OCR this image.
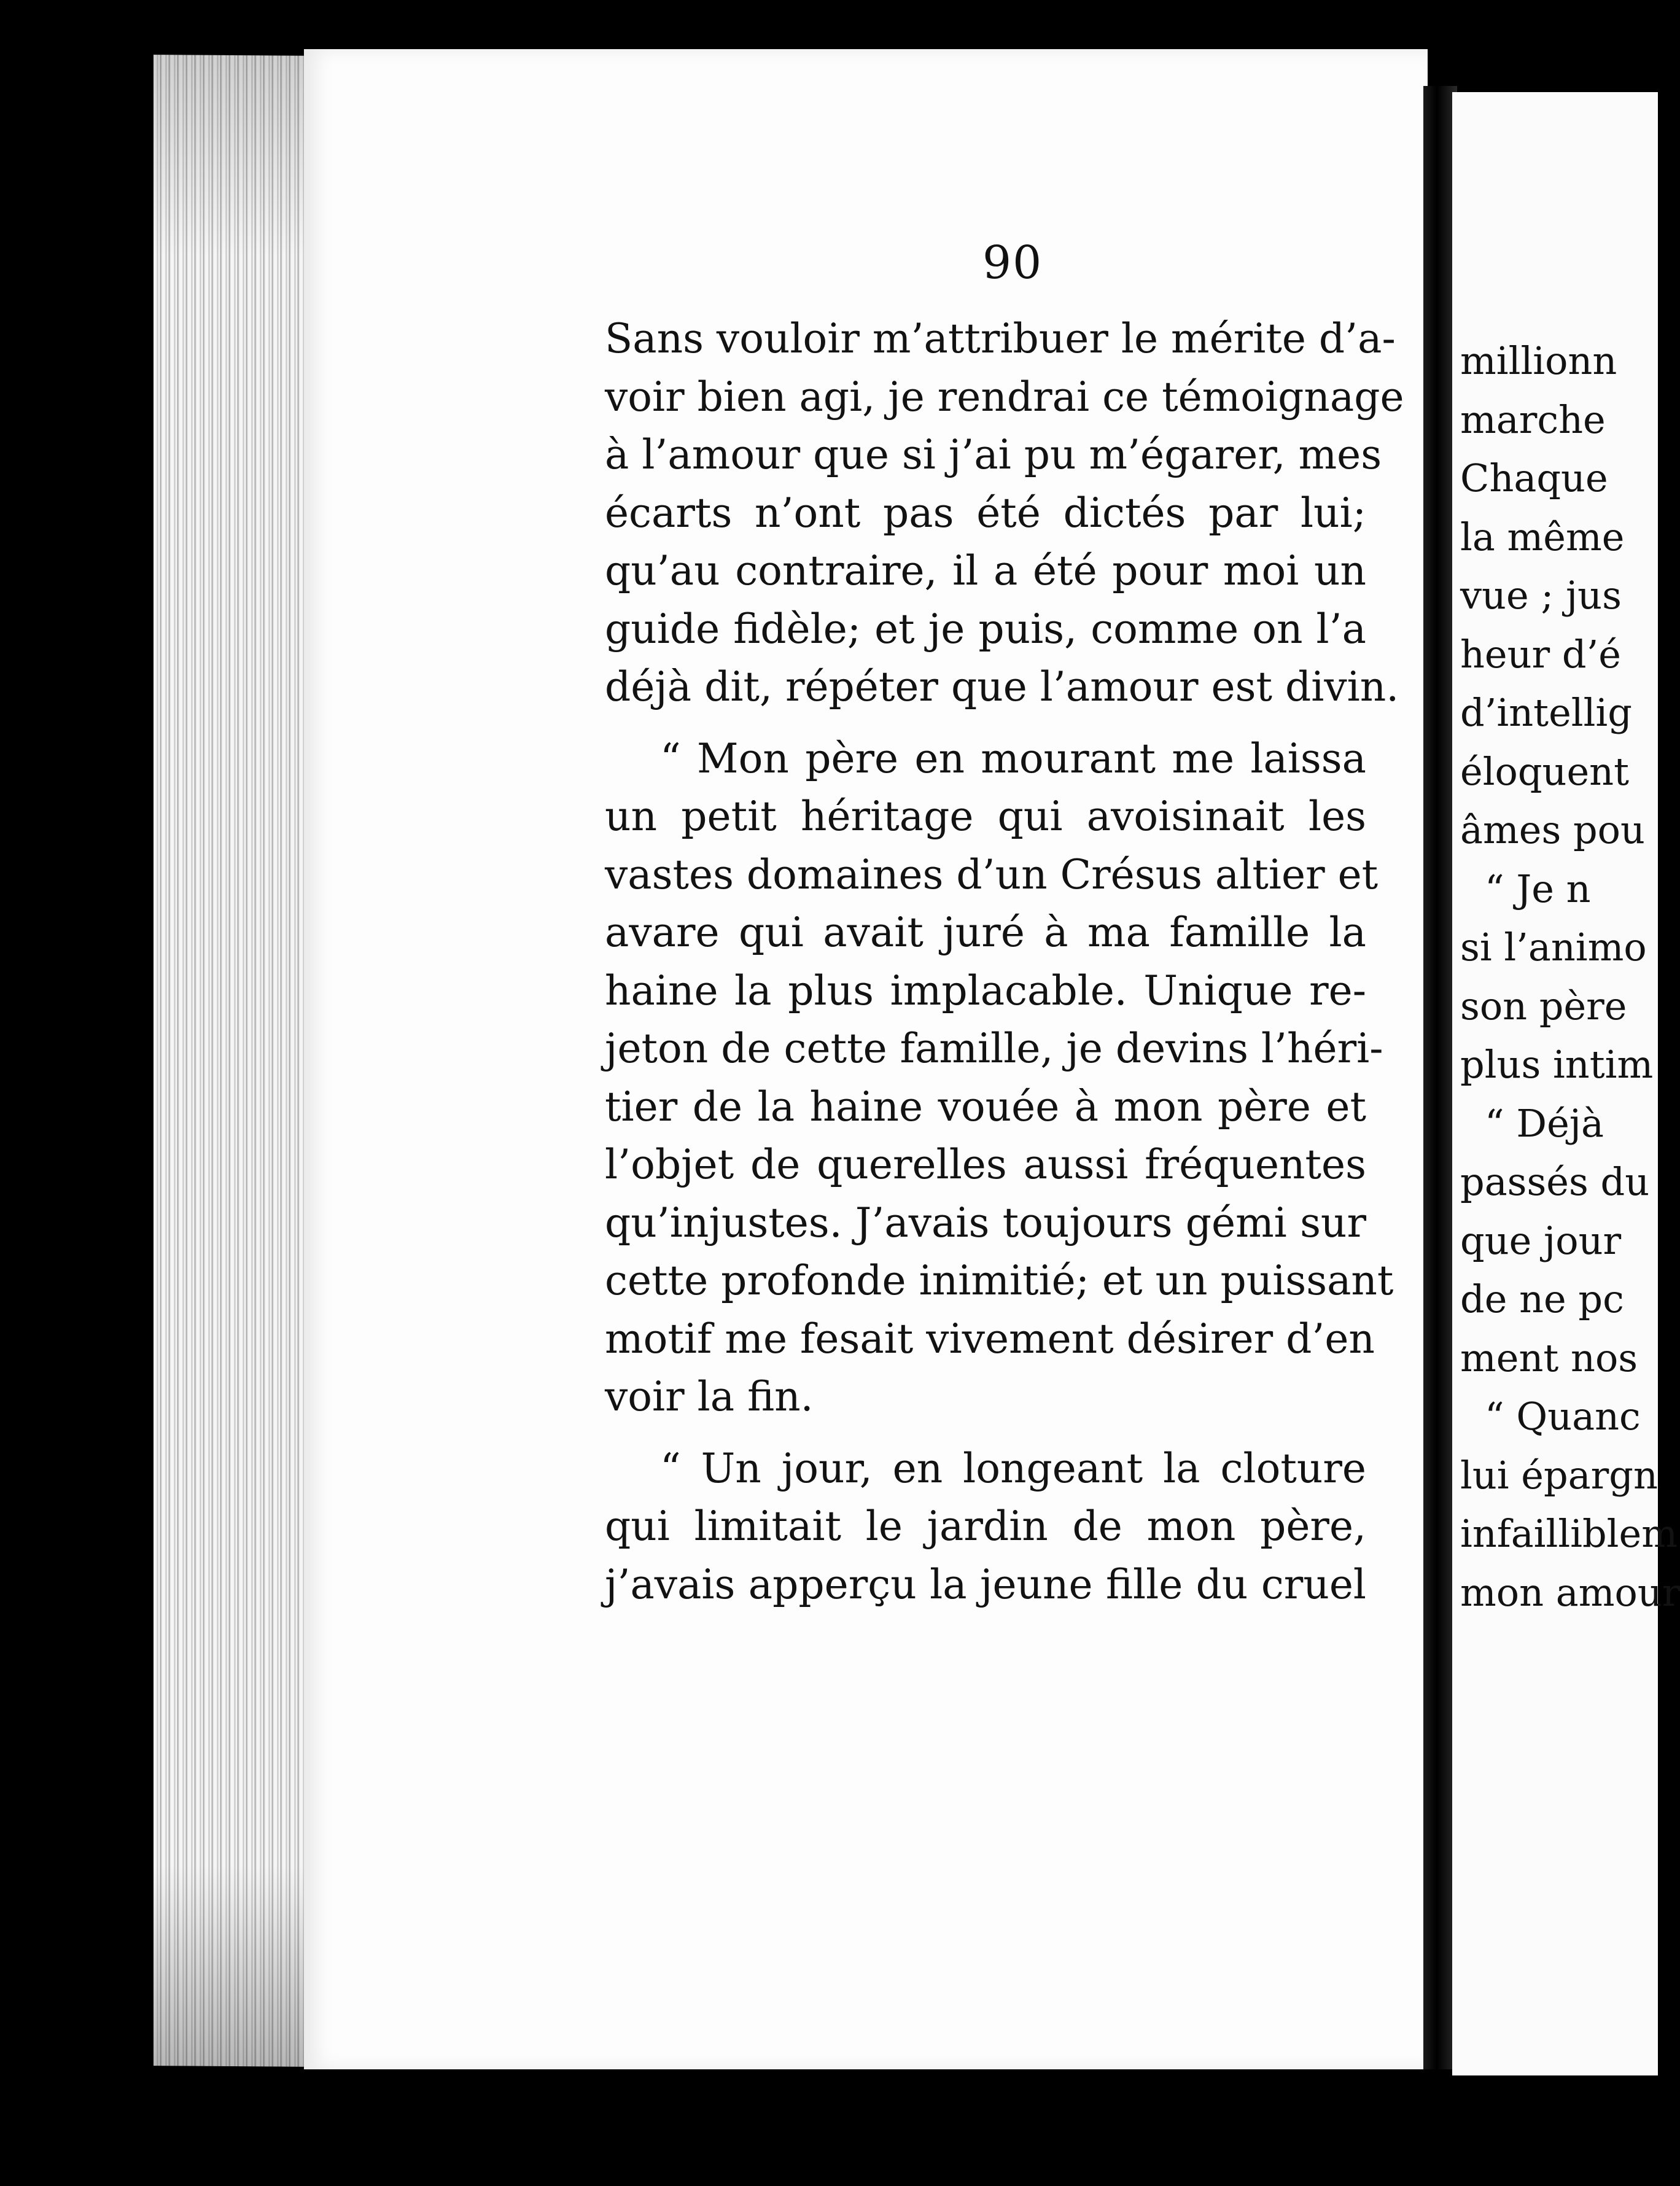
90
Sans vouloir m’attribuer le mérite d’a-
voir bien agi, je rendrai ce témoignage
à l’amour que si j’ai pu m’égarer, mes
écarts n’ont pas été dictés par lui;
qu’au contraire, il a été pour moi un
guide fidèle; et je puis, comme on l’a
déjà dit, répéter que l’amour est divin.
“ Mon père en mourant me laissa
un petit héritage qui avoisinait les
vastes domaines d’un Crésus altier et
avare qui avait juré à ma famille la
haine la plus implacable. Unique re-
jeton de cette famille, je devins l’héri-
tier de la haine vouée à mon père et
l’objet de querelles aussi fréquentes
qu’injustes. J’avais toujours gémi sur
cette profonde inimitié; et un puissant
motif me fesait vivement désirer d’en
voir la fin.
“ Un jour, en longeant la cloture
qui limitait le jardin de mon père,
j’avais apperçu la jeune fille du cruel
millionn
marche
Chaque
la même
vue ; jus
heur d’é
d’intellig
éloquent
âmes pou
“ Je n
si l’animo
son père
plus intim
“ Déjà
passés du
que jour
de ne pc
ment nos
“ Quanc
lui épargn
infailliblem
mon amour
